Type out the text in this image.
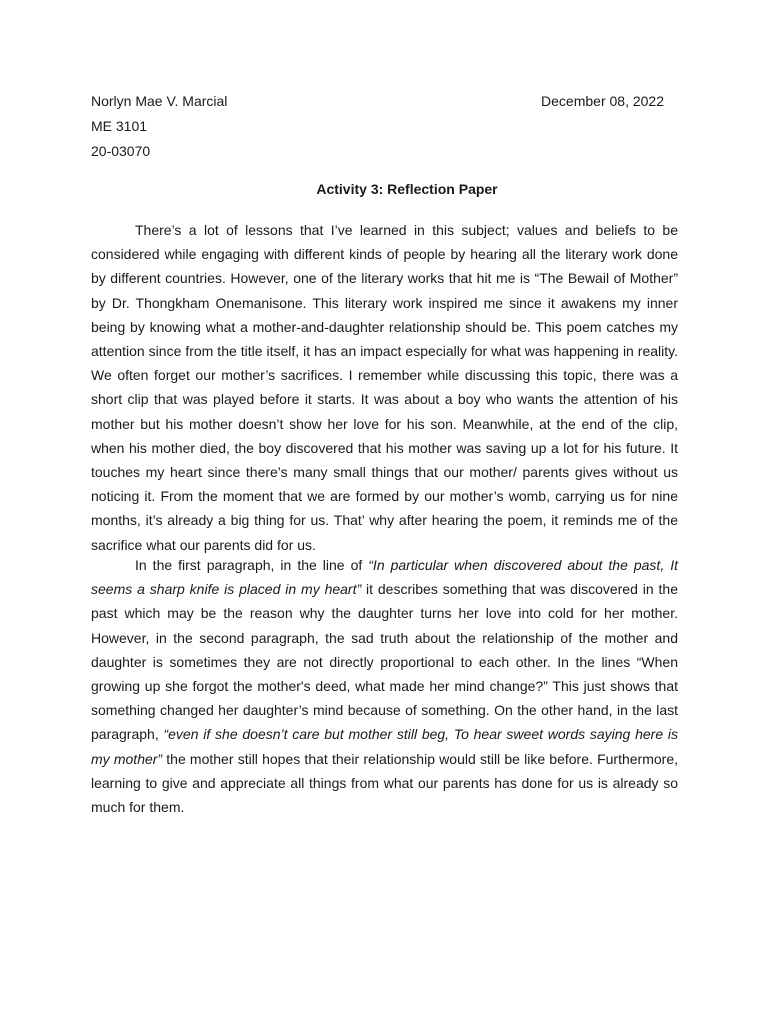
Norlyn Mae V. Marcial	December 08, 2022

ME 3101

20-03070

Activity 3: Reflection Paper

There’s a lot of lessons that I’ve learned in this subject; values and beliefs to be considered while engaging with different kinds of people by hearing all the literary work done by different countries. However, one of the literary works that hit me is “The Bewail of Mother” by Dr. Thongkham Onemanisone. This literary work inspired me since it awakens my inner being by knowing what a mother-and-daughter relationship should be. This poem catches my attention since from the title itself, it has an impact especially for what was happening in reality. We often forget our mother’s sacrifices. I remember while discussing this topic, there was a short clip that was played before it starts. It was about a boy who wants the attention of his mother but his mother doesn’t show her love for his son. Meanwhile, at the end of the clip, when his mother died, the boy discovered that his mother was saving up a lot for his future. It touches my heart since there’s many small things that our mother/ parents gives without us noticing it. From the moment that we are formed by our mother’s womb, carrying us for nine months, it’s already a big thing for us. That’ why after hearing the poem, it reminds me of the sacrifice what our parents did for us.

In the first paragraph, in the line of “In particular when discovered about the past, It seems a sharp knife is placed in my heart” it describes something that was discovered in the past which may be the reason why the daughter turns her love into cold for her mother. However, in the second paragraph, the sad truth about the relationship of the mother and daughter is sometimes they are not directly proportional to each other. In the lines “When growing up she forgot the mother's deed, what made her mind change?” This just shows that something changed her daughter’s mind because of something. On the other hand, in the last paragraph, “even if she doesn’t care but mother still beg, To hear sweet words saying here is my mother” the mother still hopes that their relationship would still be like before. Furthermore, learning to give and appreciate all things from what our parents has done for us is already so much for them.
